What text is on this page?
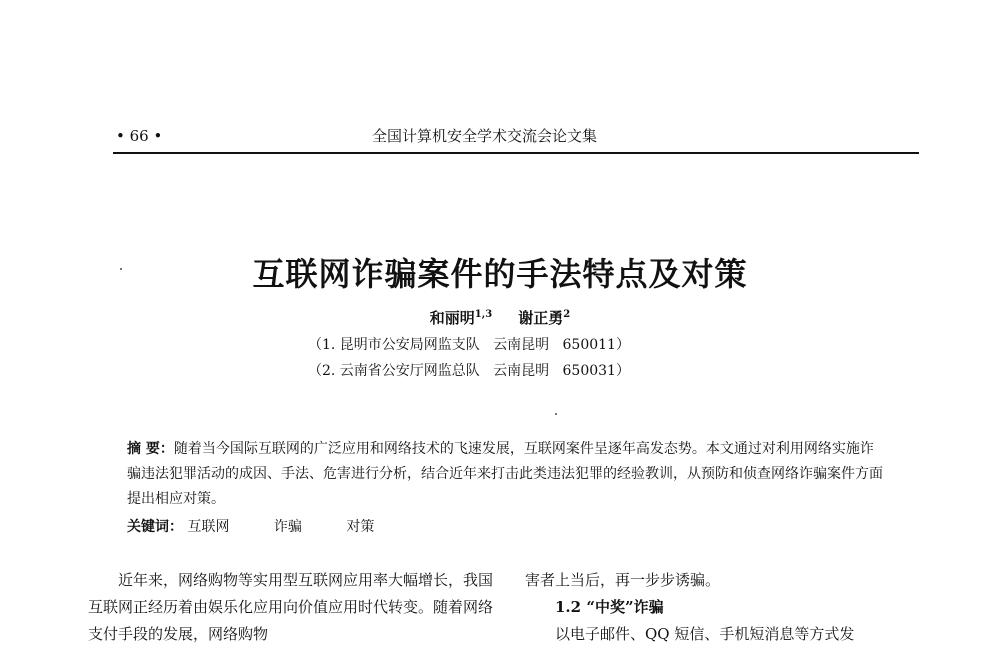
• 66 •	全国计算机安全学术交流会论文集
互联网诈骗案件的手法特点及对策
和丽明$^{1,3}$ 谢正勇$^2$
（1. 昆明市公安局网监支队   云南昆明   650011）
（2. 云南省公安厅网监总队   云南昆明   650031）
摘 要：随着当今国际互联网的广泛应用和网络技术的飞速发展，互联网案件呈逐年高发态势。本文通过对利用网络实施诈骗违法犯罪活动的成因、手法、危害进行分析，结合近年来打击此类违法犯罪的经验教训，从预防和侦查网络诈骗案件方面提出相应对策。
关键词： 互联网	诈骗	对策
近年来，网络购物等实用型互联网应用率大幅增长，我国互联网正经历着由娱乐化应用向价值应用时代转变。随着网络支付手段的发展，网络购物
害者上当后，再一步步诱骗。
1.2 “中奖”诈骗
以电子邮件、QQ 短信、手机短消息等方式发
